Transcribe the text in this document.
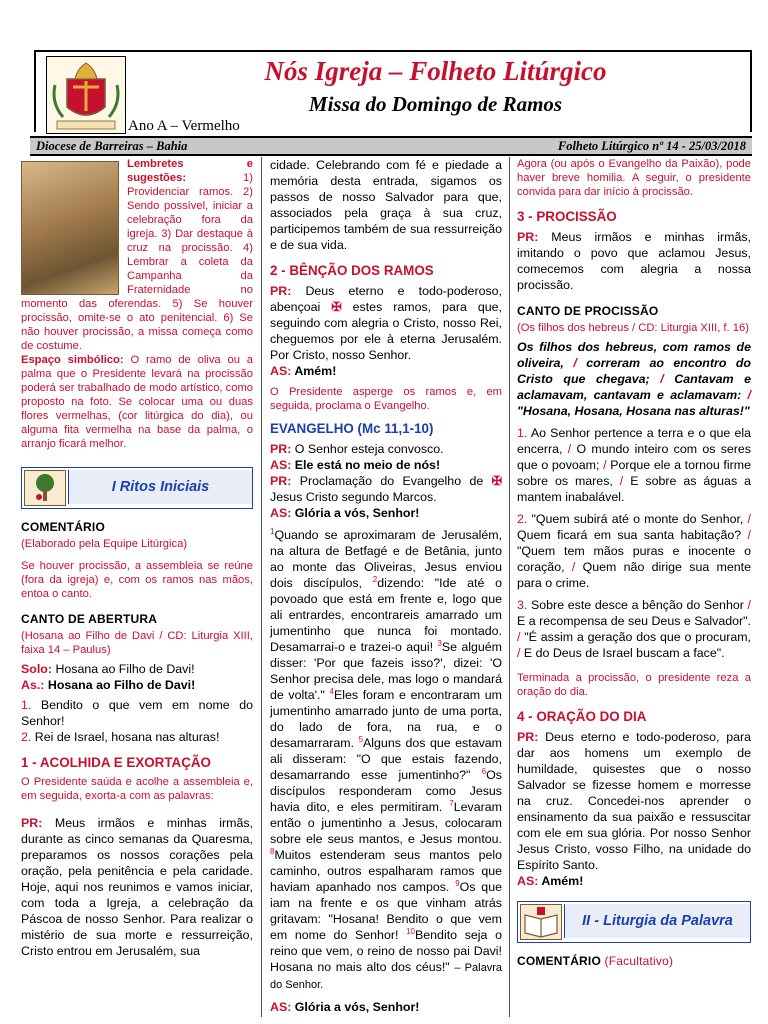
Nós Igreja – Folheto Litúrgico
Missa do Domingo de Ramos
Ano A – Vermelho
Diocese de Barreiras – Bahia	Folheto Litúrgico nº 14 - 25/03/2018

Lembretes e sugestões:	1) Providenciar ramos. 2) Sendo possível, iniciar a celebração fora da igreja. 3) Dar destaque à cruz na procissão. 4) Lembrar a coleta da Campanha da Fraternidade no momento das oferendas. 5) Se houver procissão, omite-se o ato penitencial. 6) Se não houver procissão, a missa começa como de costume.

Espaço simbólico: O ramo de oliva ou a palma que o Presidente levará na procissão poderá ser trabalhado de modo artístico, como proposto na foto. Se colocar uma ou duas flores vermelhas, (cor litúrgica do dia), ou alguma fita vermelha na base da palma, o arranjo ficará melhor.

I Ritos Iniciais
COMENTÁRIO

(Elaborado pela Equipe Litúrgica)

Se houver procissão, a assembleia se reúne (fora da igreja) e, com os ramos nas mãos, entoa o canto.

CANTO DE ABERTURA

(Hosana ao Filho de Davi / CD: Liturgia XIII, faixa 14 – Paulus)

Solo: Hosana ao Filho de Davi!

As.: Hosana ao Filho de Davi!

1. Bendito o que vem em nome do Senhor!

2. Rei de Israel, hosana nas alturas!

1 - ACOLHIDA E EXORTAÇÃO

O Presidente saúda e acolhe a assembleia e, em seguida, exorta-a com as palavras:

PR: Meus irmãos e minhas irmãs, durante as cinco semanas da Quaresma, preparamos os nossos corações pela oração, pela penitência e pela caridade. Hoje, aqui nos reunimos e vamos iniciar, com toda a Igreja, a celebração da Páscoa de nosso Senhor. Para realizar o mistério de sua morte e ressurreição, Cristo entrou em Jerusalém, sua

cidade. Celebrando com fé e piedade a memória desta entrada, sigamos os passos de nosso Salvador para que, associados pela graça à sua cruz, participemos também de sua ressurreição e de sua vida.

2 - BÊNÇÃO DOS RAMOS

PR: Deus eterno e todo-poderoso, abençoai ✠ estes ramos, para que, seguindo com alegria o Cristo, nosso Rei, cheguemos por ele à eterna Jerusalém. Por Cristo, nosso Senhor.

AS: Amém!

O Presidente asperge os ramos e, em seguida, proclama o Evangelho.

EVANGELHO (Mc 11,1-10)

PR: O Senhor esteja convosco.

AS: Ele está no meio de nós!

PR: Proclamação do Evangelho de ✠ Jesus Cristo segundo Marcos.

AS: Glória a vós, Senhor!

$^1$Quando se aproximaram de Jerusalém, na altura de Betfagé e de Betânia, junto ao monte das Oliveiras, Jesus enviou dois discípulos, $^2$dizendo: "Ide até o povoado que está em frente e, logo que ali entrardes, encontrareis amarrado um jumentinho que nunca foi montado. Desamarrai-o e trazei-o aqui! $^3$Se alguém disser: 'Por que fazeis isso?', dizei: 'O Senhor precisa dele, mas logo o mandará de volta'." $^4$Eles foram e encontraram um jumentinho amarrado junto de uma porta, do lado de fora, na rua, e o desamarraram. $^5$Alguns dos que estavam ali disseram: "O que estais fazendo, desamarrando esse jumentinho?" $^6$Os discípulos responderam como Jesus havia dito, e eles permitiram. $^7$Levaram então o jumentinho a Jesus, colocaram sobre ele seus mantos, e Jesus montou. $^8$Muitos estenderam seus mantos pelo caminho, outros espalharam ramos que haviam apanhado nos campos. $^9$Os que iam na frente e os que vinham atrás gritavam: "Hosana! Bendito o que vem em nome do Senhor! $^{10}$Bendito seja o reino que vem, o reino de nosso pai Davi! Hosana no mais alto dos céus!" – Palavra do Senhor.

AS: Glória a vós, Senhor!

Agora (ou após o Evangelho da Paixão), pode haver breve homilia. A seguir, o presidente convida para dar início à procissão.

3 - PROCISSÃO

PR: Meus irmãos e minhas irmãs, imitando o povo que aclamou Jesus, comecemos com alegria a nossa procissão.

CANTO DE PROCISSÃO

(Os filhos dos hebreus / CD: Liturgia XIII, f. 16)

Os filhos dos hebreus, com ramos de oliveira, / correram ao encontro do Cristo que chegava; / Cantavam e aclamavam, cantavam e aclamavam: / "Hosana, Hosana, Hosana nas alturas!"

1. Ao Senhor pertence a terra e o que ela encerra, / O mundo inteiro com os seres que o povoam; / Porque ele a tornou firme sobre os mares, / E sobre as águas a mantem inabalável.

2. "Quem subirá até o monte do Senhor, / Quem ficará em sua santa habitação? / "Quem tem mãos puras e inocente o coração, / Quem não dirige sua mente para o crime.

3. Sobre este desce a bênção do Senhor / E a recompensa de seu Deus e Salvador". / "É assim a geração dos que o procuram, / E do Deus de Israel buscam a face".

Terminada a procissão, o presidente reza a oração do dia.

4 - ORAÇÃO DO DIA

PR: Deus eterno e todo-poderoso, para dar aos homens um exemplo de humildade, quisestes que o nosso Salvador se fizesse homem e morresse na cruz. Concedei-nos aprender o ensinamento da sua paixão e ressuscitar com ele em sua glória. Por nosso Senhor Jesus Cristo, vosso Filho, na unidade do Espírito Santo.

AS: Amém!

II - Liturgia da Palavra
COMENTÁRIO (Facultativo)
